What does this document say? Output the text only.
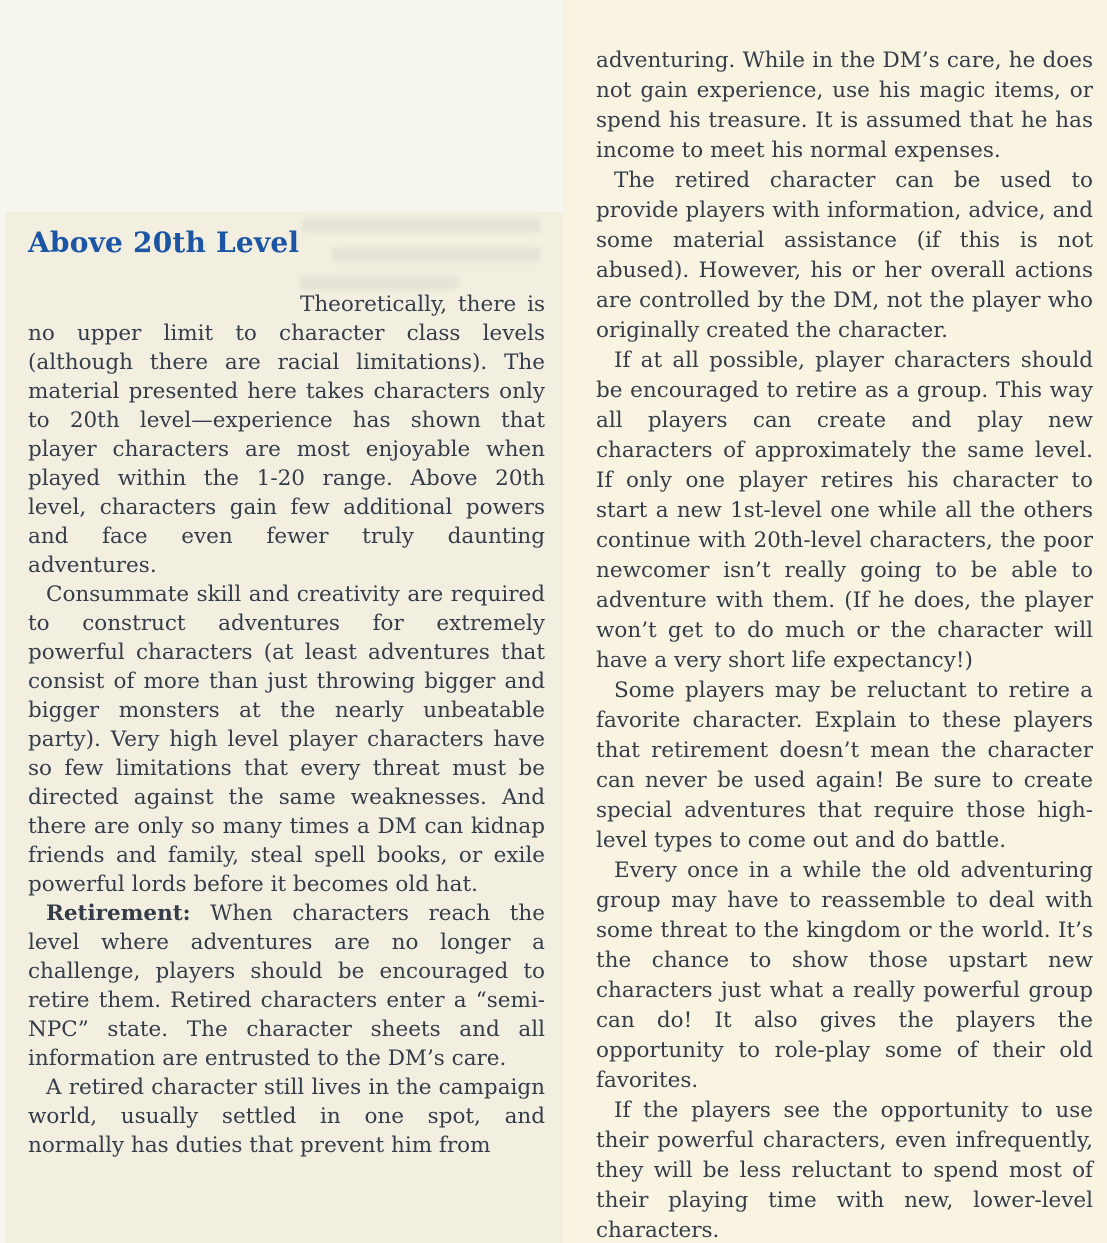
Above 20th Level

Theoretically, there is no upper limit to character class levels (although there are racial limitations). The material presented here takes characters only to 20th level—experience has shown that player characters are most enjoyable when played within the 1-20 range. Above 20th level, characters gain few additional powers and face even fewer truly daunting adventures.

Consummate skill and creativity are required to construct adventures for extremely powerful characters (at least adventures that consist of more than just throwing bigger and bigger monsters at the nearly unbeatable party). Very high level player characters have so few limitations that every threat must be directed against the same weaknesses. And there are only so many times a DM can kidnap friends and family, steal spell books, or exile powerful lords before it becomes old hat.

Retirement: When characters reach the level where adventures are no longer a challenge, players should be encouraged to retire them. Retired characters enter a “semi-NPC” state. The character sheets and all information are entrusted to the DM’s care.

A retired character still lives in the campaign world, usually settled in one spot, and normally has duties that prevent him from

adventuring. While in the DM’s care, he does not gain experience, use his magic items, or spend his treasure. It is assumed that he has income to meet his normal expenses.

The retired character can be used to provide players with information, advice, and some material assistance (if this is not abused). However, his or her overall actions are controlled by the DM, not the player who originally created the character.

If at all possible, player characters should be encouraged to retire as a group. This way all players can create and play new characters of approximately the same level. If only one player retires his character to start a new 1st-level one while all the others continue with 20th-level characters, the poor newcomer isn’t really going to be able to adventure with them. (If he does, the player won’t get to do much or the character will have a very short life expectancy!)

Some players may be reluctant to retire a favorite character. Explain to these players that retirement doesn’t mean the character can never be used again! Be sure to create special adventures that require those high-level types to come out and do battle.

Every once in a while the old adventuring group may have to reassemble to deal with some threat to the kingdom or the world. It’s the chance to show those upstart new characters just what a really powerful group can do! It also gives the players the opportunity to role-play some of their old favorites.

If the players see the opportunity to use their powerful characters, even infrequently, they will be less reluctant to spend most of their playing time with new, lower-level characters.
